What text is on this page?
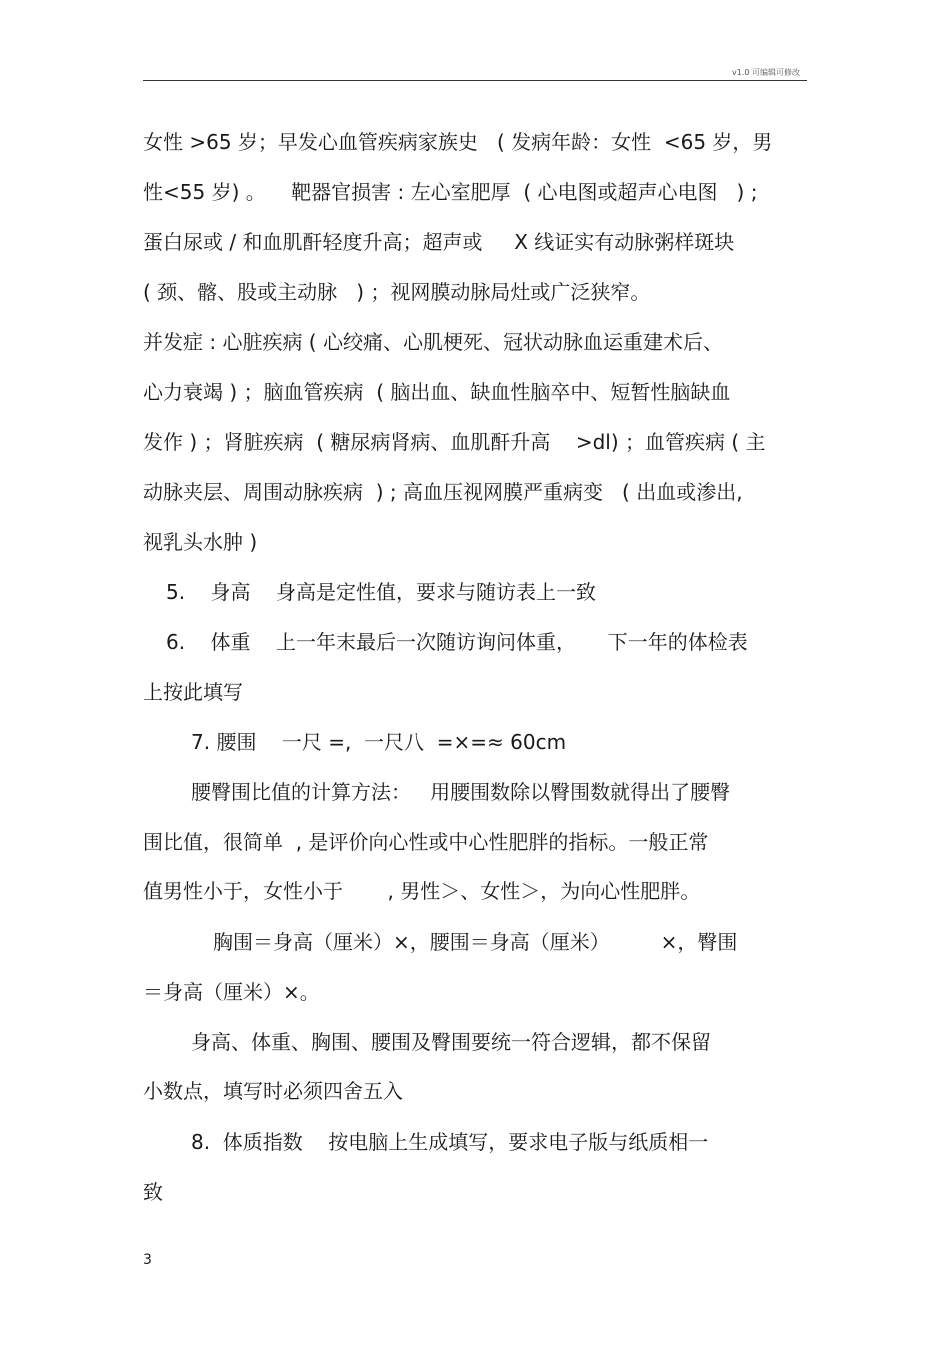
v1.0 可编辑可修改
女性 >65 岁；早发心血管疾病家族史   ( 发病年龄：女性  <65 岁，男
性<55 岁) 。    靶器官损害 : 左心室肥厚  ( 心电图或超声心电图   ) ;
蛋白尿或 / 和血肌酐轻度升高；超声或     X 线证实有动脉粥样斑块
( 颈、髂、股或主动脉   ) ；视网膜动脉局灶或广泛狭窄。
并发症 : 心脏疾病 ( 心绞痛、心肌梗死、冠状动脉血运重建术后、
心力衰竭 ) ；脑血管疾病  ( 脑出血、缺血性脑卒中、短暂性脑缺血
发作 ) ；肾脏疾病  ( 糖尿病肾病、血肌酐升高    >dl) ；血管疾病 ( 主
动脉夹层、周围动脉疾病  ) ; 高血压视网膜严重病变   ( 出血或渗出,
视乳头水肿 )
5.    身高    身高是定性值，要求与随访表上一致
6.    体重    上一年末最后一次随访询问体重，     下一年的体检表
上按此填写
7. 腰围    一尺 =,  一尺八  =×=≈ 60cm
腰臀围比值的计算方法：   用腰围数除以臀围数就得出了腰臀
围比值，很简单  , 是评价向心性或中心性肥胖的指标。一般正常
值男性小于，女性小于       , 男性＞、女性＞，为向心性肥胖。
胸围＝身高（厘米）×，腰围＝身高（厘米）        ×，臀围
＝身高（厘米）×。
身高、体重、胸围、腰围及臀围要统一符合逻辑，都不保留
小数点，填写时必须四舍五入
8.  体质指数    按电脑上生成填写，要求电子版与纸质相一
致
3
